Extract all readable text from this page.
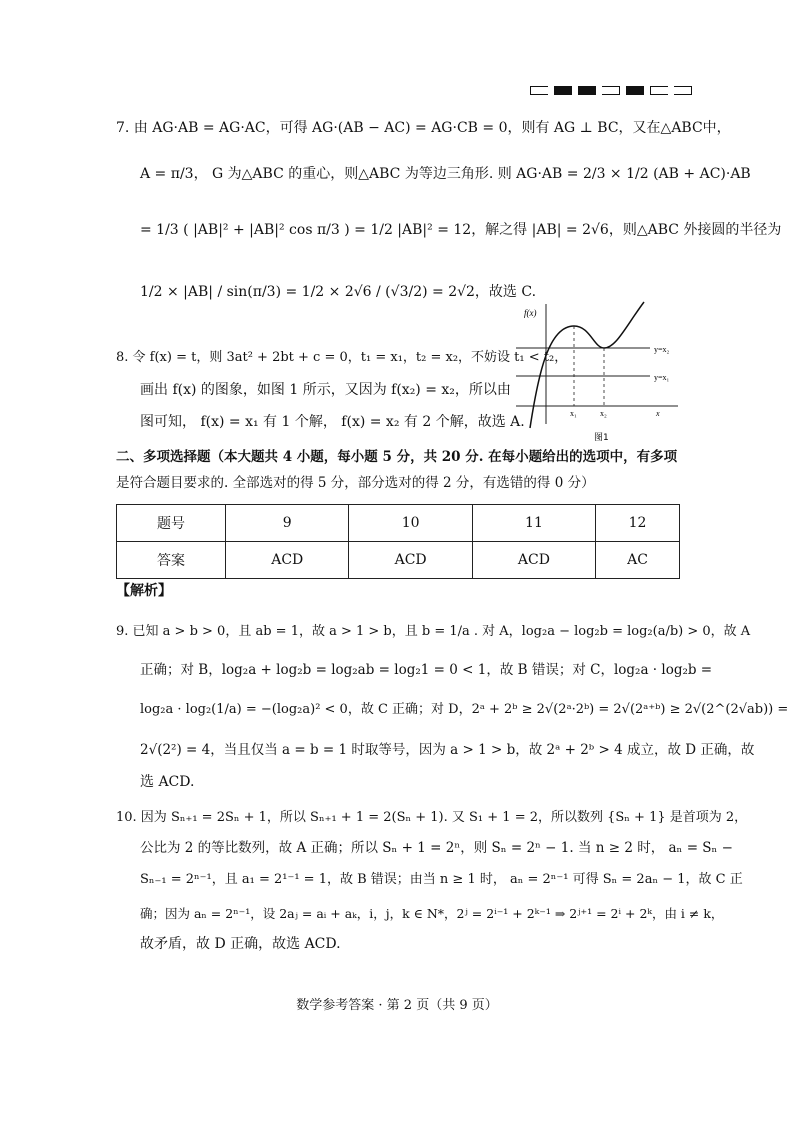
7. 由 AG·AB = AG·AC，可得 AG·(AB − AC) = AG·CB = 0，则有 AG ⊥ BC，又在△ABC中，
A = π/3， G 为△ABC 的重心，则△ABC 为等边三角形. 则 AG·AB = 2/3 × 1/2 (AB + AC)·AB
= 1/3 ( |AB|² + |AB|² cos π/3 ) = 1/2 |AB|² = 12，解之得 |AB| = 2√6，则△ABC 外接圆的半径为
1/2 × |AB| / sin(π/3) = 1/2 × 2√6 / (√3/2) = 2√2，故选 C.
8. 令 f(x) = t，则 3at² + 2bt + c = 0，t₁ = x₁，t₂ = x₂，不妨设 t₁ < t₂，
画出 f(x) 的图象，如图 1 所示，又因为 f(x₂) = x₂，所以由
图可知， f(x) = x₁ 有 1 个解， f(x) = x₂ 有 2 个解，故选 A.
f(x)
y=x₂
y=x₁
x₁	x₂	x
图1
二、多项选择题（本大题共 4 小题，每小题 5 分，共 20 分. 在每小题给出的选项中，有多项
是符合题目要求的. 全部选对的得 5 分，部分选对的得 2 分，有选错的得 0 分）
题号	9	10	11	12
答案	ACD	ACD	ACD	AC
【解析】
9. 已知 a > b > 0，且 ab = 1，故 a > 1 > b，且 b = 1/a . 对 A，log₂a − log₂b = log₂(a/b) > 0，故 A
正确；对 B，log₂a + log₂b = log₂ab = log₂1 = 0 < 1，故 B 错误；对 C，log₂a · log₂b =
log₂a · log₂(1/a) = −(log₂a)² < 0，故 C 正确；对 D，2ᵃ + 2ᵇ ≥ 2√(2ᵃ·2ᵇ) = 2√(2ᵃ⁺ᵇ) ≥ 2√(2^(2√ab)) =
2√(2²) = 4，当且仅当 a = b = 1 时取等号，因为 a > 1 > b，故 2ᵃ + 2ᵇ > 4 成立，故 D 正确，故
选 ACD.
10. 因为 Sₙ₊₁ = 2Sₙ + 1，所以 Sₙ₊₁ + 1 = 2(Sₙ + 1). 又 S₁ + 1 = 2，所以数列 {Sₙ + 1} 是首项为 2，
公比为 2 的等比数列，故 A 正确；所以 Sₙ + 1 = 2ⁿ，则 Sₙ = 2ⁿ − 1. 当 n ≥ 2 时， aₙ = Sₙ −
Sₙ₋₁ = 2ⁿ⁻¹，且 a₁ = 2¹⁻¹ = 1，故 B 错误；由当 n ≥ 1 时， aₙ = 2ⁿ⁻¹ 可得 Sₙ = 2aₙ − 1，故 C 正
确；因为 aₙ = 2ⁿ⁻¹，设 2aⱼ = aᵢ + aₖ，i，j，k ∈ N*，2ʲ = 2ⁱ⁻¹ + 2ᵏ⁻¹ ⇒ 2ʲ⁺¹ = 2ⁱ + 2ᵏ，由 i ≠ k，
故矛盾，故 D 正确，故选 ACD.
数学参考答案 · 第 2 页（共 9 页）
